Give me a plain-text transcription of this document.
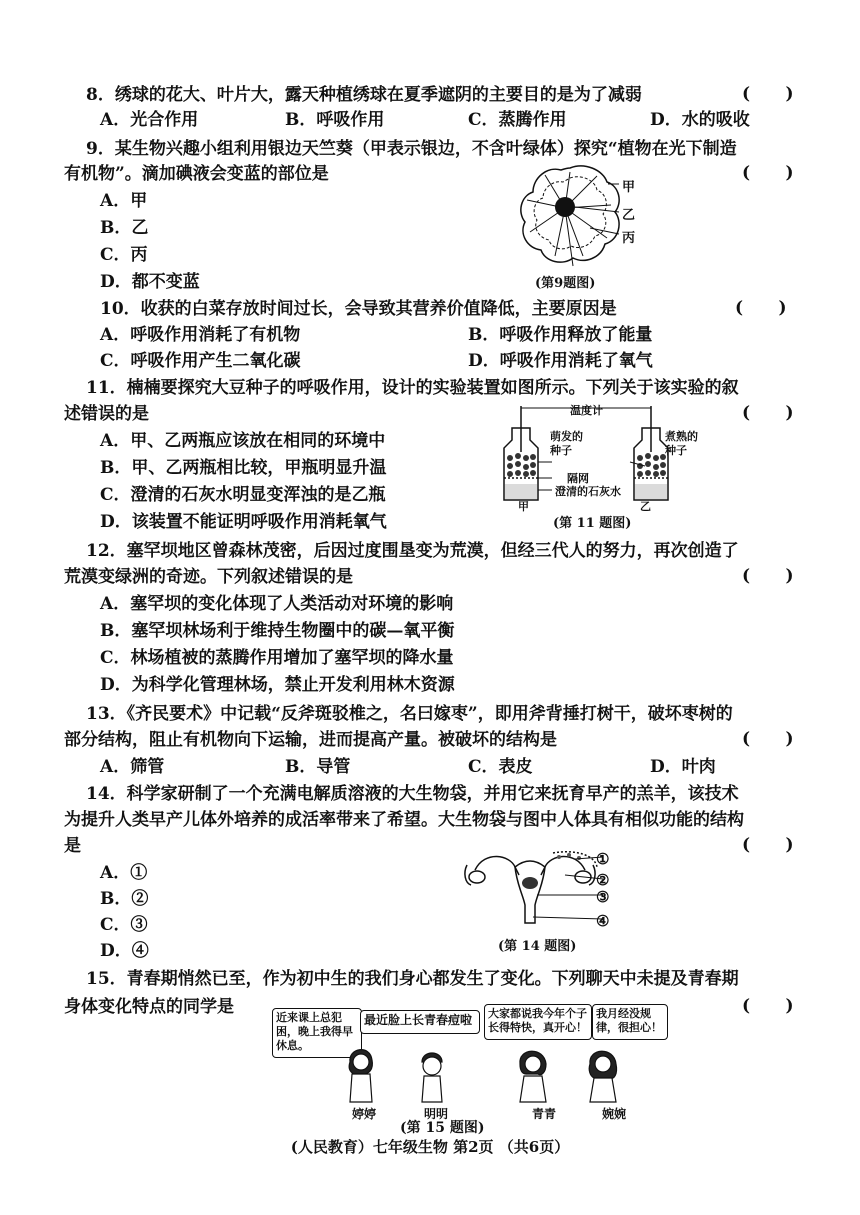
8．绣球的花大、叶片大，露天种植绣球在夏季遮阴的主要目的是为了减弱	(      )
A．光合作用	B．呼吸作用	C．蒸腾作用	D．水的吸收
9．某生物兴趣小组利用银边天竺葵（甲表示银边，不含叶绿体）探究“植物在光下制造
有机物”。滴加碘液会变蓝的部位是	(      )
A．甲
B．乙
C．丙
D．都不变蓝
甲
乙
丙
(第9题图)
10．收获的白菜存放时间过长，会导致其营养价值降低，主要原因是	(      )
A．呼吸作用消耗了有机物	B．呼吸作用释放了能量
C．呼吸作用产生二氧化碳	D．呼吸作用消耗了氧气
11．楠楠要探究大豆种子的呼吸作用，设计的实验装置如图所示。下列关于该实验的叙
述错误的是	(      )
A．甲、乙两瓶应该放在相同的环境中
B．甲、乙两瓶相比较，甲瓶明显升温
C．澄清的石灰水明显变浑浊的是乙瓶
D．该装置不能证明呼吸作用消耗氧气
温度计
萌发的
种子
煮熟的
种子
隔网
澄清的石灰水
甲	乙
(第 11 题图)
12．塞罕坝地区曾森林茂密，后因过度围垦变为荒漠，但经三代人的努力，再次创造了
荒漠变绿洲的奇迹。下列叙述错误的是	(      )
A．塞罕坝的变化体现了人类活动对环境的影响
B．塞罕坝林场利于维持生物圈中的碳—氧平衡
C．林场植被的蒸腾作用增加了塞罕坝的降水量
D．为科学化管理林场，禁止开发利用林木资源
13．《齐民要术》中记载“反斧斑驳椎之，名曰嫁枣”，即用斧背捶打树干，破坏枣树的
部分结构，阻止有机物向下运输，进而提高产量。被破坏的结构是	(      )
A．筛管	B．导管	C．表皮	D．叶肉
14．科学家研制了一个充满电解质溶液的大生物袋，并用它来抚育早产的羔羊，该技术
为提升人类早产儿体外培养的成活率带来了希望。大生物袋与图中人体具有相似功能的结构
是	(      )
A．①
B．②
C．③
D．④
①
②
③
④
(第 14 题图)
15．青春期悄然已至，作为初中生的我们身心都发生了变化。下列聊天中未提及青春期
身体变化特点的同学是	(      )
近来课上总犯困，晚上我得早休息。
最近脸上长青春痘啦	大家都说我今年个子长得特快，真开心！
我月经没规律，很担心！
婷婷	明明	青青	婉婉
(第 15 题图)
(人民教育）七年级生物 第2页 （共6页）
